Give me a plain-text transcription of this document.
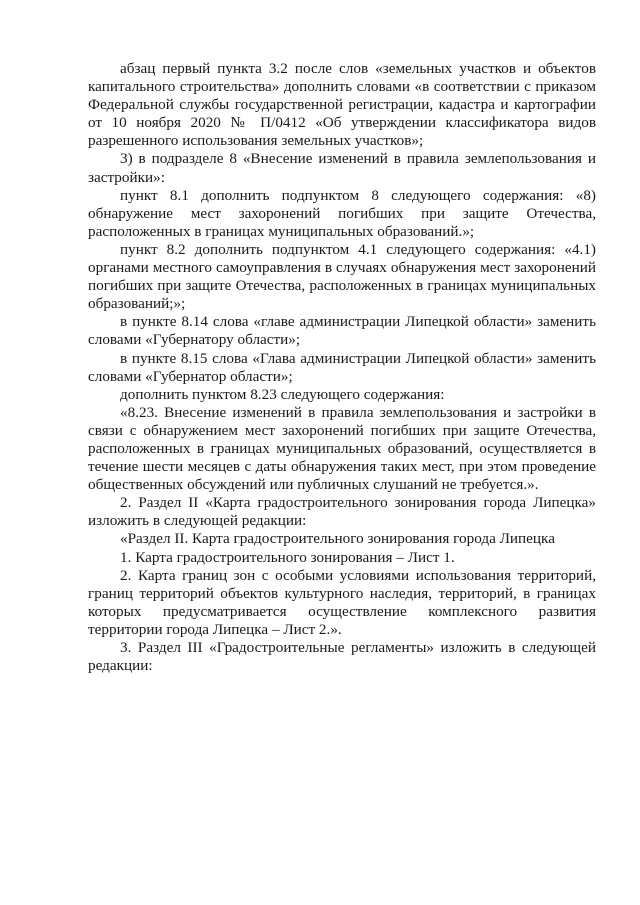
абзац первый пункта 3.2 после слов «земельных участков и объектов капитального строительства» дополнить словами «в соответствии с приказом Федеральной службы государственной регистрации, кадастра и картографии от 10 ноября 2020 № П/0412 «Об утверждении классификатора видов разрешенного использования земельных участков»;

3) в подразделе 8 «Внесение изменений в правила землепользования и застройки»:

пункт 8.1 дополнить подпунктом 8 следующего содержания: «8) обнаружение мест захоронений погибших при защите Отечества, расположенных в границах муниципальных образований.»;

пункт 8.2 дополнить подпунктом 4.1 следующего содержания: «4.1) органами местного самоуправления в случаях обнаружения мест захоронений погибших при защите Отечества, расположенных в границах муниципальных образований;»;

в пункте 8.14 слова «главе администрации Липецкой области» заменить словами «Губернатору области»;

в пункте 8.15 слова «Глава администрации Липецкой области» заменить словами «Губернатор области»;

дополнить пунктом 8.23 следующего содержания:

«8.23. Внесение изменений в правила землепользования и застройки в связи с обнаружением мест захоронений погибших при защите Отечества, расположенных в границах муниципальных образований, осуществляется в течение шести месяцев с даты обнаружения таких мест, при этом проведение общественных обсуждений или публичных слушаний не требуется.».

2. Раздел II «Карта градостроительного зонирования города Липецка» изложить в следующей редакции:

«Раздел II. Карта градостроительного зонирования города Липецка

1. Карта градостроительного зонирования – Лист 1.

2. Карта границ зон с особыми условиями использования территорий, границ территорий объектов культурного наследия, территорий, в границах которых предусматривается осуществление комплексного развития территории города Липецка – Лист 2.».

3. Раздел III «Градостроительные регламенты» изложить в следующей редакции:
